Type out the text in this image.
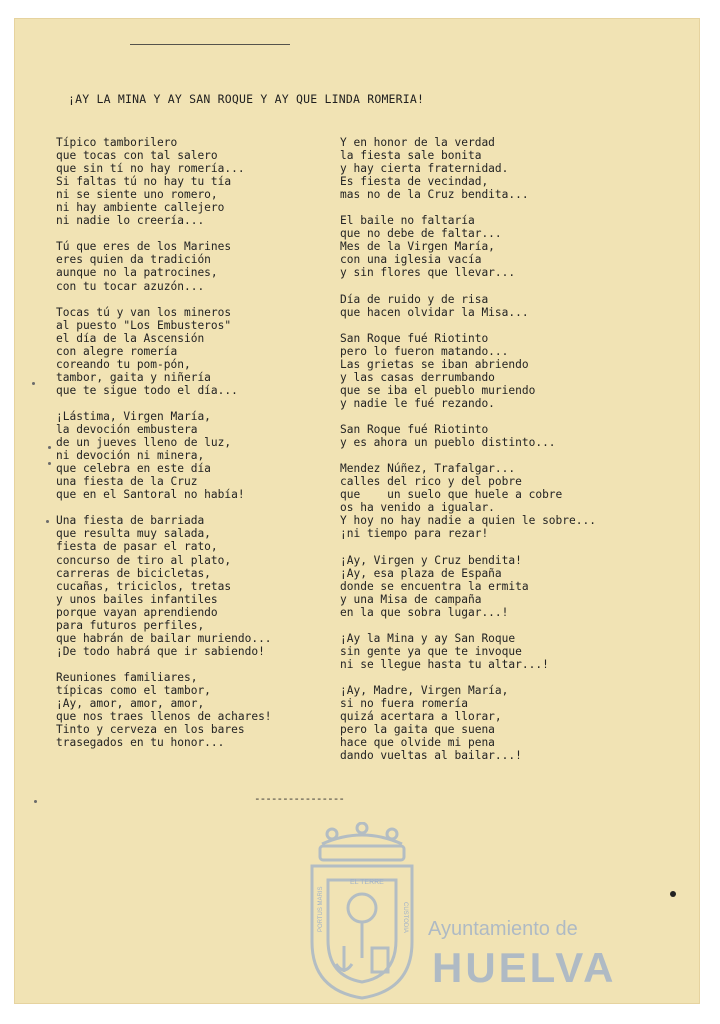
¡AY LA MINA Y AY SAN ROQUE Y AY QUE LINDA ROMERIA!
Típico tamborilero
que tocas con tal salero
que sin tí no hay romería...
Si faltas tú no hay tu tía
ni se siente uno romero,
ni hay ambiente callejero
ni nadie lo creería...
Tú que eres de los Marines
eres quien da tradición
aunque no la patrocines,
con tu tocar azuzón...
Tocas tú y van los mineros
al puesto "Los Embusteros"
el día de la Ascensión
con alegre romería
coreando tu pom-pón,
tambor, gaita y niñería
que te sigue todo el día...
¡Lástima, Virgen María,
la devoción embustera
de un jueves lleno de luz,
ni devoción ni minera,
que celebra en este día
una fiesta de la Cruz
que en el Santoral no había!
Una fiesta de barriada
que resulta muy salada,
fiesta de pasar el rato,
concurso de tiro al plato,
carreras de bicicletas,
cucañas, triciclos, tretas
y unos bailes infantiles
porque vayan aprendiendo
para futuros perfiles,
que habrán de bailar muriendo...
¡De todo habrá que ir sabiendo!
Reuniones familiares,
típicas como el tambor,
¡Ay, amor, amor, amor,
que nos traes llenos de achares!
Tinto y cerveza en los bares
trasegados en tu honor...
Y en honor de la verdad
la fiesta sale bonita
y hay cierta fraternidad.
Es fiesta de vecindad,
mas no de la Cruz bendita...
El baile no faltaría
que no debe de faltar...
Mes de la Virgen María,
con una iglesia vacía
y sin flores que llevar...
Día de ruido y de risa
que hacen olvidar la Misa...
San Roque fué Riotinto
pero lo fueron matando...
Las grietas se iban abriendo
y las casas derrumbando
que se iba el pueblo muriendo
y nadie le fué rezando.
San Roque fué Riotinto
y es ahora un pueblo distinto...
Mendez Núñez, Trafalgar...
calles del rico y del pobre
que    un suelo que huele a cobre
os ha venido a igualar.
Y hoy no hay nadie a quien le sobre...
¡ni tiempo para rezar!
¡Ay, Virgen y Cruz bendita!
¡Ay, esa plaza de España
donde se encuentra la ermita
y una Misa de campaña
en la que sobra lugar...!
¡Ay la Mina y ay San Roque
sin gente ya que te invoque
ni se llegue hasta tu altar...!
¡Ay, Madre, Virgen María,
si no fuera romería
quizá acertara a llorar,
pero la gaita que suena
hace que olvide mi pena
dando vueltas al bailar...!
----------------
EL TERRE
PORTUS MARIS	CUSTODIA Ayuntamiento de
HUELVA
